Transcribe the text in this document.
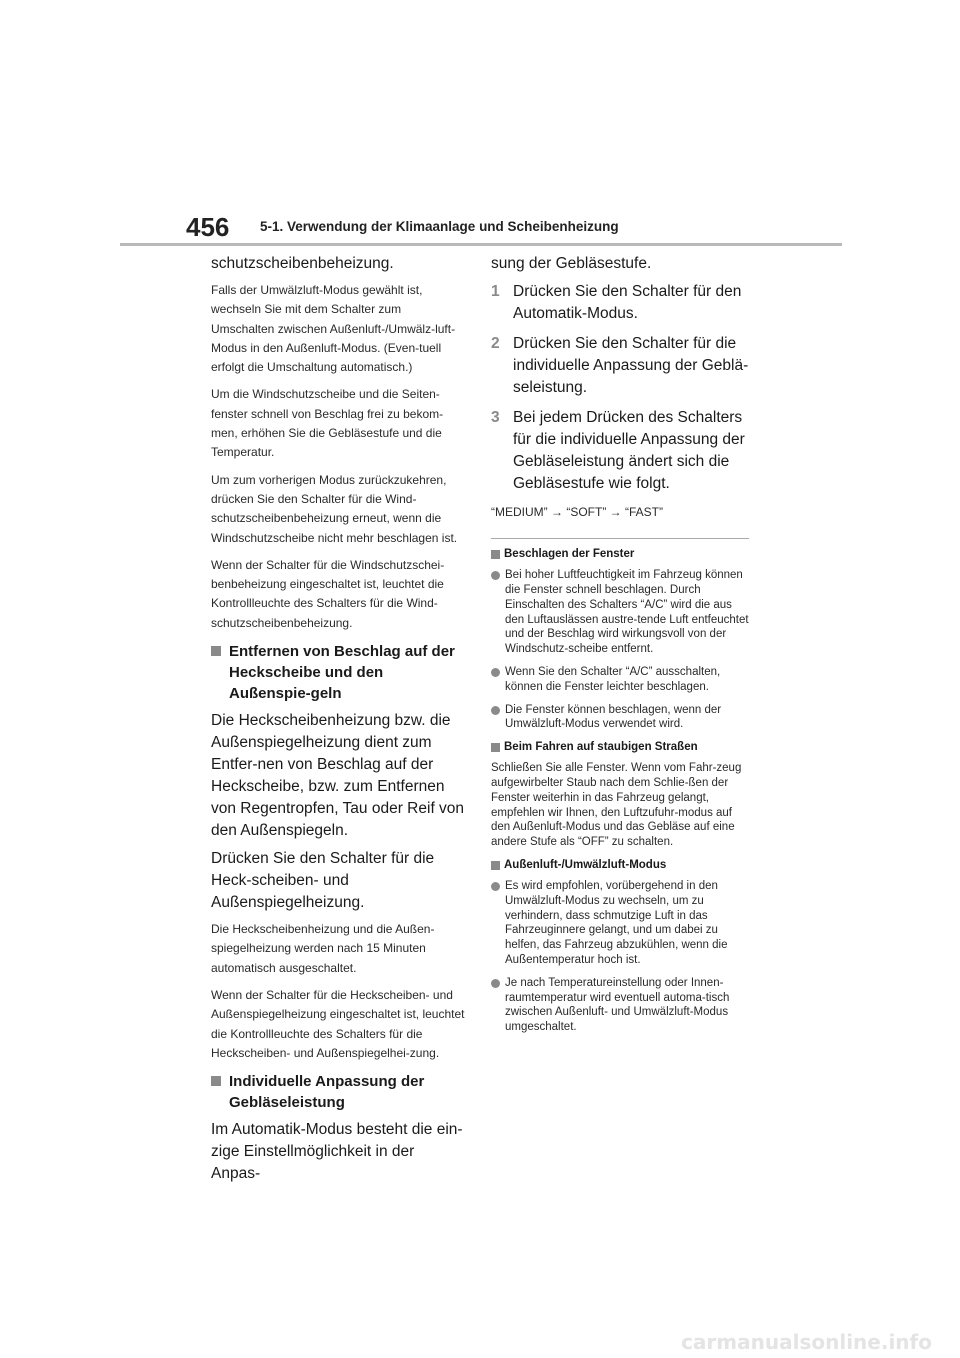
456 5-1. Verwendung der Klimaanlage und Scheibenheizung

schutzscheibenbeheizung.

Falls der Umwälzluft-Modus gewählt ist, wechseln Sie mit dem Schalter zum Umschalten zwischen Außenluft-/Umwälz-luft-Modus in den Außenluft-Modus. (Even-tuell erfolgt die Umschaltung automatisch.)

Um die Windschutzscheibe und die Seiten-fenster schnell von Beschlag frei zu bekom-men, erhöhen Sie die Gebläsestufe und die Temperatur.

Um zum vorherigen Modus zurückzukehren, drücken Sie den Schalter für die Wind-schutzscheibenbeheizung erneut, wenn die Windschutzscheibe nicht mehr beschlagen ist.

Wenn der Schalter für die Windschutzschei-benbeheizung eingeschaltet ist, leuchtet die Kontrollleuchte des Schalters für die Wind-schutzscheibenbeheizung.

Entfernen von Beschlag auf der Heckscheibe und den Außenspie-geln

Die Heckscheibenheizung bzw. die Außenspiegelheizung dient zum Entfer-nen von Beschlag auf der Heckscheibe, bzw. zum Entfernen von Regentropfen, Tau oder Reif von den Außenspiegeln.

Drücken Sie den Schalter für die Heck-scheiben- und Außenspiegelheizung.

Die Heckscheibenheizung und die Außen-spiegelheizung werden nach 15 Minuten automatisch ausgeschaltet.

Wenn der Schalter für die Heckscheiben- und Außenspiegelheizung eingeschaltet ist, leuchtet die Kontrollleuchte des Schalters für die Heckscheiben- und Außenspiegelhei-zung.

Individuelle Anpassung der Gebläseleistung

Im Automatik-Modus besteht die ein-zige Einstellmöglichkeit in der Anpas-

sung der Gebläsestufe.

1 Drücken Sie den Schalter für den Automatik-Modus.
2 Drücken Sie den Schalter für die individuelle Anpassung der Geblä-seleistung.
3 Bei jedem Drücken des Schalters für die individuelle Anpassung der Gebläseleistung ändert sich die Gebläsestufe wie folgt.

“MEDIUM” → “SOFT” → “FAST”

Beschlagen der Fenster
Bei hoher Luftfeuchtigkeit im Fahrzeug können die Fenster schnell beschlagen. Durch Einschalten des Schalters “A/C” wird die aus den Luftauslässen austre-tende Luft entfeuchtet und der Beschlag wird wirkungsvoll von der Windschutz-scheibe entfernt.
Wenn Sie den Schalter “A/C” ausschalten, können die Fenster leichter beschlagen.
Die Fenster können beschlagen, wenn der Umwälzluft-Modus verwendet wird.
Beim Fahren auf staubigen Straßen

Schließen Sie alle Fenster. Wenn vom Fahr-zeug aufgewirbelter Staub nach dem Schlie-ßen der Fenster weiterhin in das Fahrzeug gelangt, empfehlen wir Ihnen, den Luftzufuhr-modus auf den Außenluft-Modus und das Gebläse auf eine andere Stufe als “OFF” zu schalten.

Außenluft-/Umwälzluft-Modus
Es wird empfohlen, vorübergehend in den Umwälzluft-Modus zu wechseln, um zu verhindern, dass schmutzige Luft in das Fahrzeuginnere gelangt, und um dabei zu helfen, das Fahrzeug abzukühlen, wenn die Außentemperatur hoch ist.
Je nach Temperatureinstellung oder Innen-raumtemperatur wird eventuell automa-tisch zwischen Außenluft- und Umwälzluft-Modus umgeschaltet.
carmanualsonline.info
